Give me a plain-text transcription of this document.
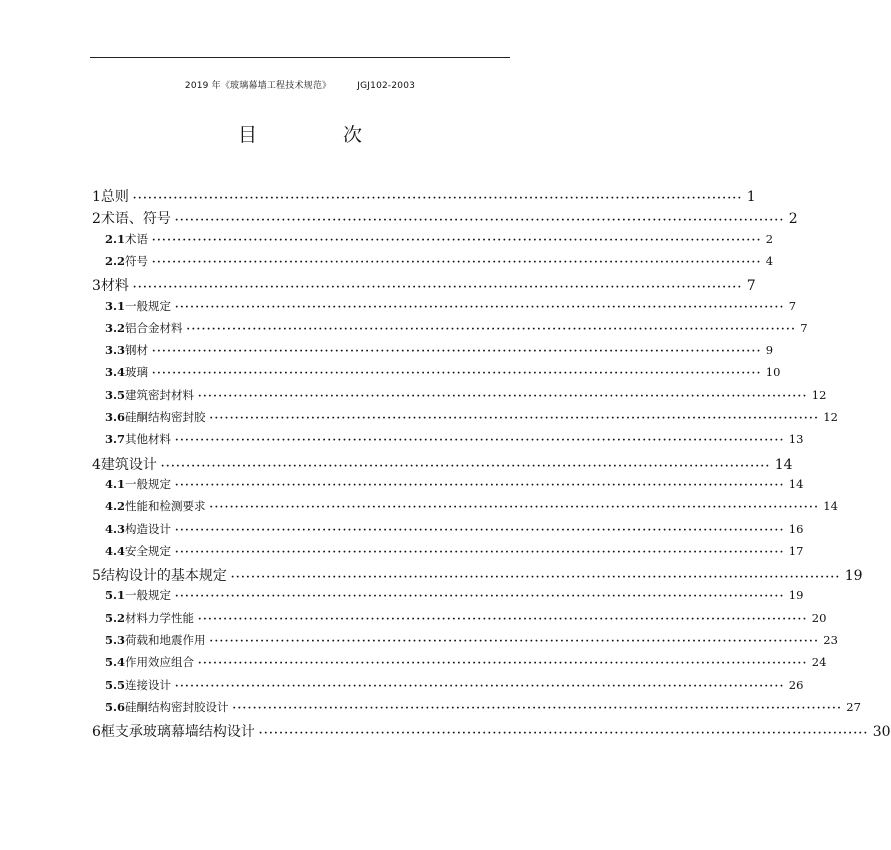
2019 年《玻璃幕墙工程技术规范》	JGJ102-2003
目 次
1 总则 ························································································································ 1
2 术语、符号 ························································································································ 2
2.1 术语 ························································································································ 2
2.2 符号 ························································································································ 4
3 材料 ························································································································ 7
3.1 一般规定 ························································································································ 7
3.2 铝合金材料 ························································································································ 7
3.3 钢材 ························································································································ 9
3.4 玻璃 ························································································································ 10
3.5 建筑密封材料 ························································································································ 12
3.6 硅酮结构密封胶 ························································································································ 12
3.7 其他材料 ························································································································ 13
4 建筑设计 ························································································································ 14
4.1 一般规定 ························································································································ 14
4.2 性能和检测要求 ························································································································ 14
4.3 构造设计 ························································································································ 16
4.4 安全规定 ························································································································ 17
5 结构设计的基本规定 ························································································································ 19
5.1 一般规定 ························································································································ 19
5.2 材料力学性能 ························································································································ 20
5.3 荷载和地震作用 ························································································································ 23
5.4 作用效应组合 ························································································································ 24
5.5 连接设计 ························································································································ 26
5.6 硅酮结构密封胶设计 ························································································································ 27
6 框支承玻璃幕墙结构设计 ························································································································ 30
